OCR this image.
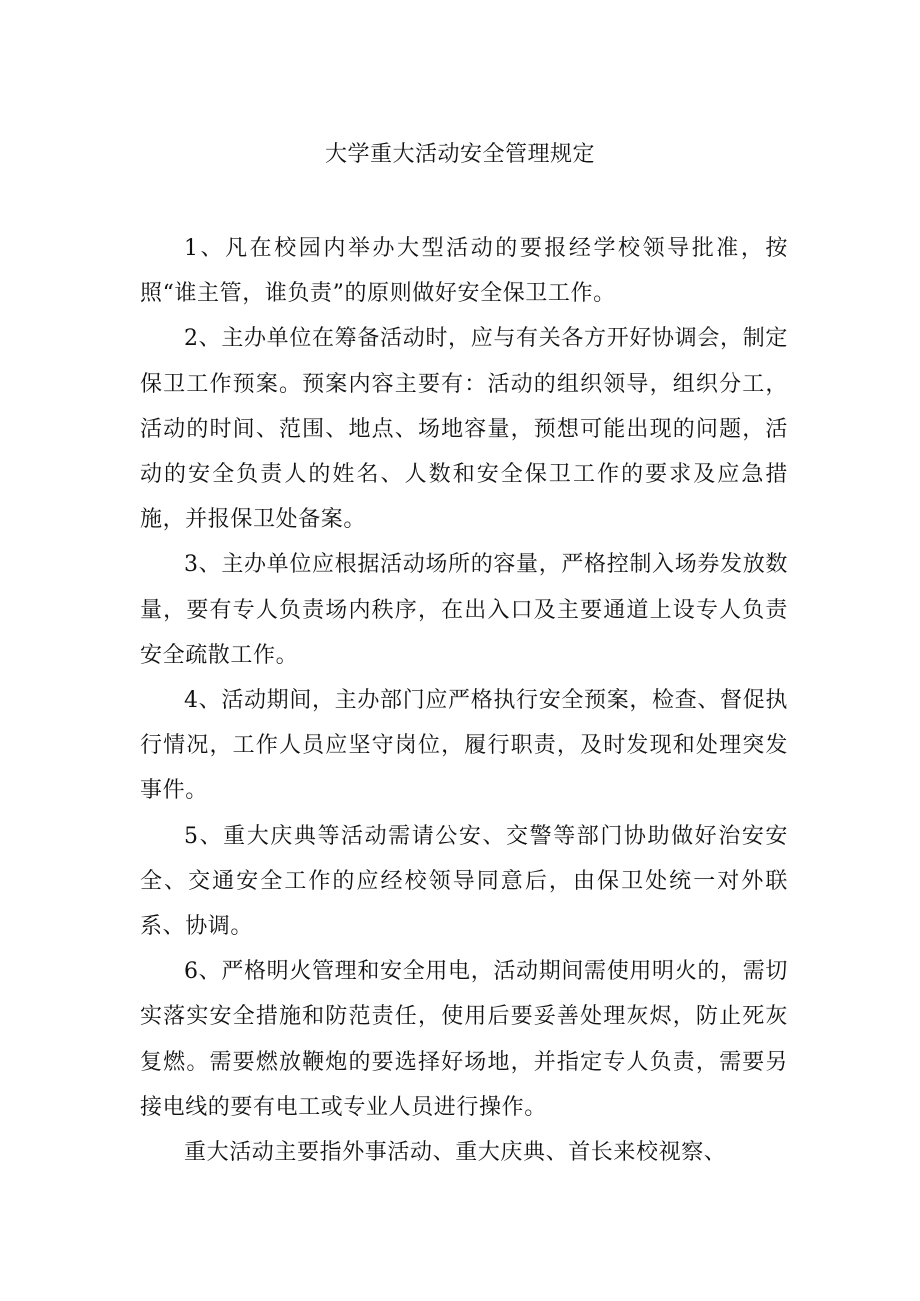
大学重大活动安全管理规定

1、凡在校园内举办大型活动的要报经学校领导批准，按照“谁主管，谁负责”的原则做好安全保卫工作。

2、主办单位在筹备活动时，应与有关各方开好协调会，制定保卫工作预案。预案内容主要有：活动的组织领导，组织分工，活动的时间、范围、地点、场地容量，预想可能出现的问题，活动的安全负责人的姓名、人数和安全保卫工作的要求及应急措施，并报保卫处备案。

3、主办单位应根据活动场所的容量，严格控制入场券发放数量，要有专人负责场内秩序，在出入口及主要通道上设专人负责安全疏散工作。

4、活动期间，主办部门应严格执行安全预案，检查、督促执行情况，工作人员应坚守岗位，履行职责，及时发现和处理突发事件。

5、重大庆典等活动需请公安、交警等部门协助做好治安安全、交通安全工作的应经校领导同意后，由保卫处统一对外联系、协调。

6、严格明火管理和安全用电，活动期间需使用明火的，需切实落实安全措施和防范责任，使用后要妥善处理灰烬，防止死灰复燃。需要燃放鞭炮的要选择好场地，并指定专人负责，需要另接电线的要有电工或专业人员进行操作。

重大活动主要指外事活动、重大庆典、首长来校视察、
